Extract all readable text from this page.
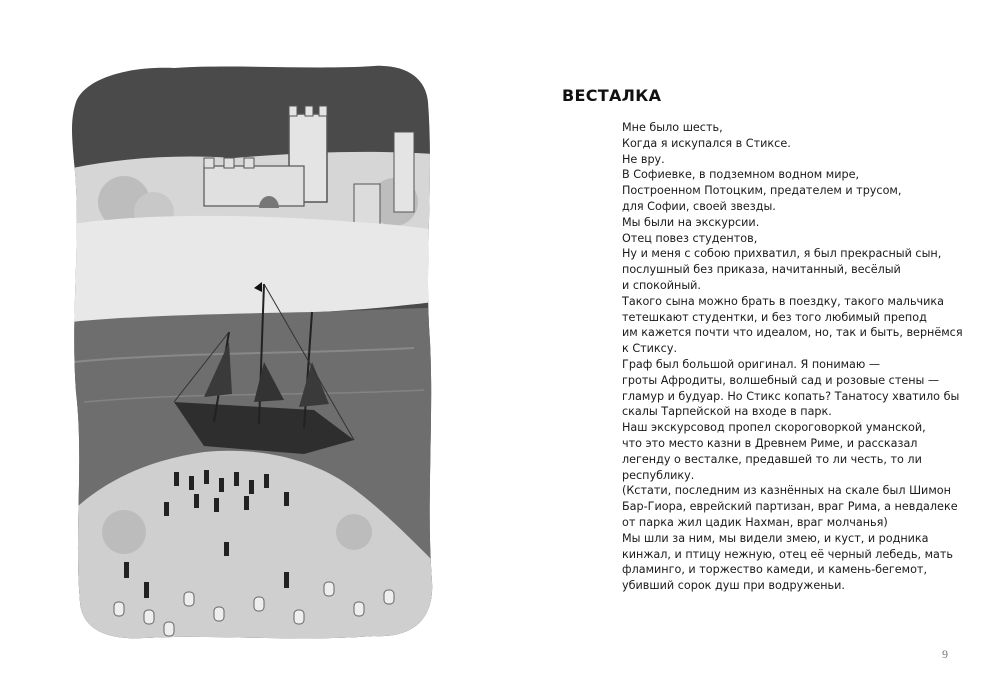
ВЕСТАЛКА
Мне было шесть,
Когда я искупался в Стиксе.
Не вру.
В Софиевке, в подземном водном мире,
Построенном Потоцким, предателем и трусом,
для Софии, своей звезды.
Мы были на экскурсии.
Отец повез студентов,
Ну и меня с собою прихватил, я был прекрасный сын,
послушный без приказа, начитанный, весёлый
и спокойный.
Такого сына можно брать в поездку, такого мальчика
тетешкают студентки, и без того любимый препод
им кажется почти что идеалом, но, так и быть, вернёмся
к Стиксу.
Граф был большой оригинал. Я понимаю —
гроты Афродиты, волшебный сад и розовые стены —
гламур и будуар. Но Стикс копать? Танатосу хватило бы
скалы Тарпейской на входе в парк.
Наш экскурсовод пропел скороговоркой уманской,
что это место казни в Древнем Риме, и рассказал
легенду о весталке, предавшей то ли честь, то ли
республику.
(Кстати, последним из казнённых на скале был Шимон
Бар-Гиора, еврейский партизан, враг Рима, а невдалеке
от парка жил цадик Нахман, враг молчанья)
Мы шли за ним, мы видели змею, и куст, и родника
кинжал, и птицу нежную, отец её черный лебедь, мать
фламинго, и торжество камеди, и камень-бегемот,
убивший сорок душ при водруженьи.
9
